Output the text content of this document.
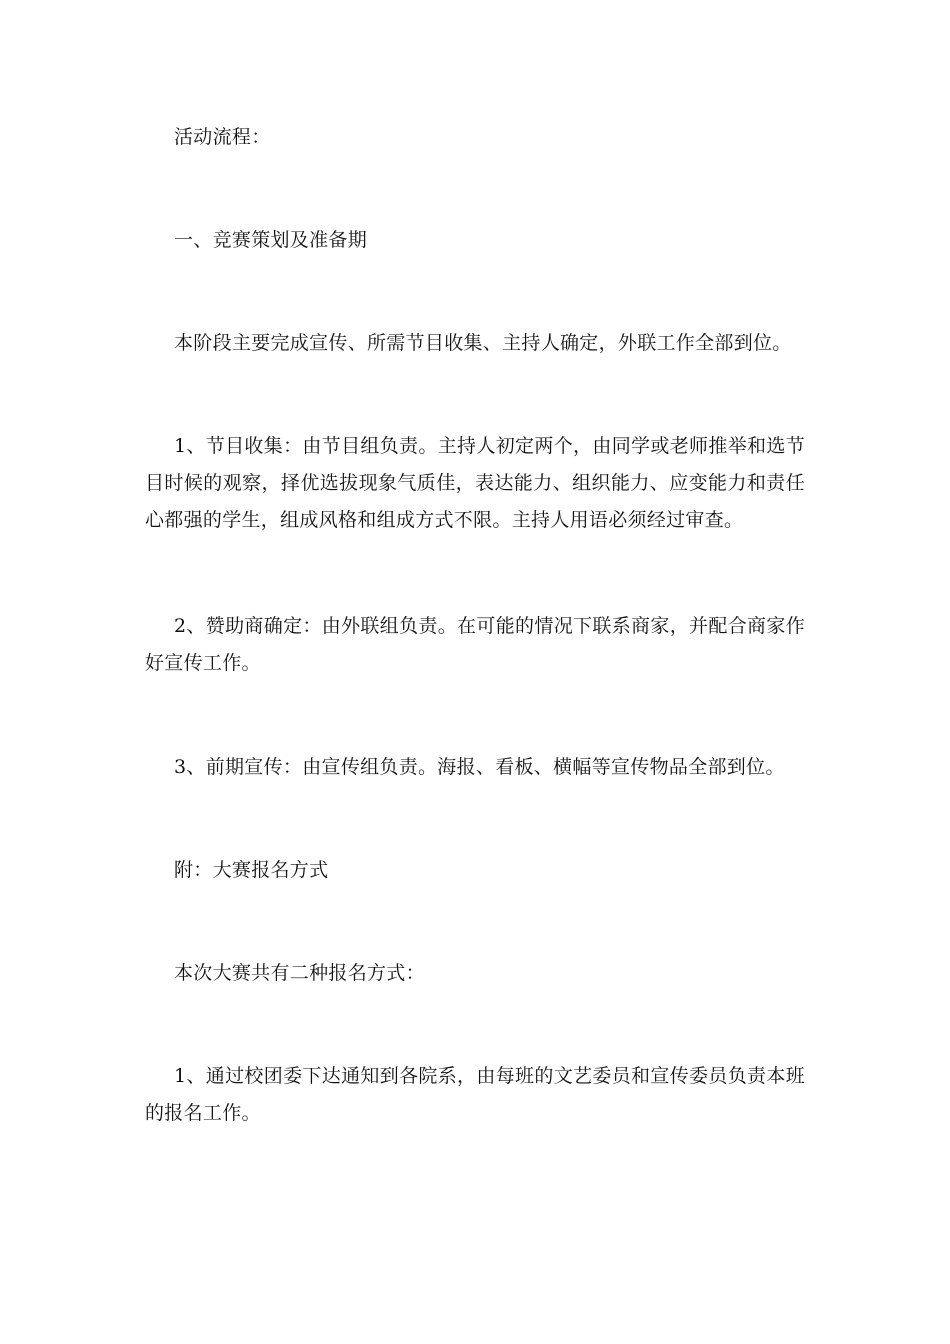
活动流程：

一、竞赛策划及准备期

本阶段主要完成宣传、所需节目收集、主持人确定，外联工作全部到位。

1、节目收集：由节目组负责。主持人初定两个，由同学或老师推举和选节目时候的观察，择优选拔现象气质佳，表达能力、组织能力、应变能力和责任心都强的学生，组成风格和组成方式不限。主持人用语必须经过审查。

2、赞助商确定：由外联组负责。在可能的情况下联系商家，并配合商家作好宣传工作。

3、前期宣传：由宣传组负责。海报、看板、横幅等宣传物品全部到位。

附：大赛报名方式

本次大赛共有二种报名方式：

1、通过校团委下达通知到各院系，由每班的文艺委员和宣传委员负责本班的报名工作。
